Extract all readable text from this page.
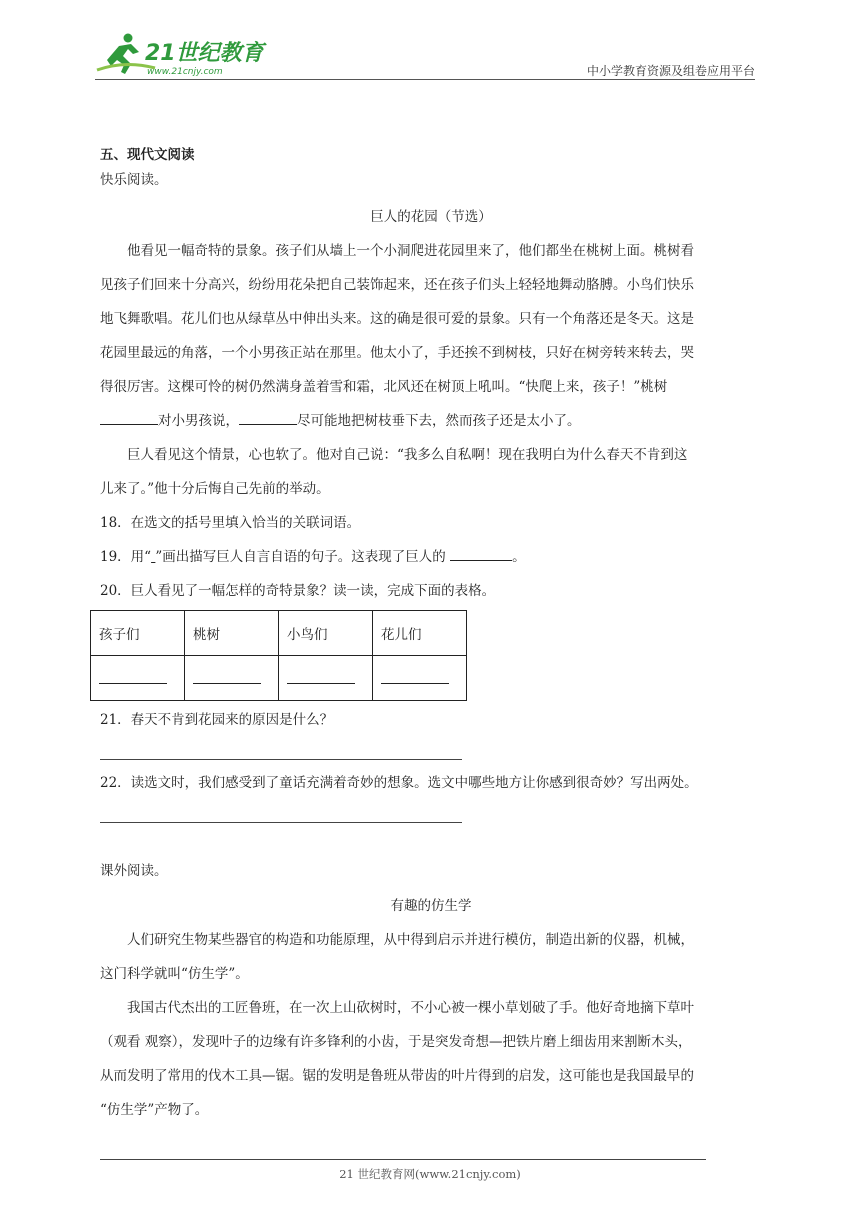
21世纪教育
www.21cnjy.com	中小学教育资源及组卷应用平台

五、现代文阅读

快乐阅读。

巨人的花园（节选）

他看见一幅奇特的景象。孩子们从墙上一个小洞爬进花园里来了，他们都坐在桃树上面。桃树看

见孩子们回来十分高兴，纷纷用花朵把自己装饰起来，还在孩子们头上轻轻地舞动胳膊。小鸟们快乐

地飞舞歌唱。花儿们也从绿草丛中伸出头来。这的确是很可爱的景象。只有一个角落还是冬天。这是

花园里最远的角落，一个小男孩正站在那里。他太小了，手还挨不到树枝，只好在树旁转来转去，哭

得很厉害。这棵可怜的树仍然满身盖着雪和霜，北风还在树顶上吼叫。“快爬上来，孩子！”桃树

对小男孩说，	尽可能地把树枝垂下去，然而孩子还是太小了。

巨人看见这个情景，心也软了。他对自己说：“我多么自私啊！现在我明白为什么春天不肯到这

儿来了。”他十分后悔自己先前的举动。

18．在选文的括号里填入恰当的关联词语。

19．用“ ”画出描写巨人自言自语的句子。这表现了巨人的	。

20．巨人看见了一幅怎样的奇特景象？读一读，完成下面的表格。

孩子们	桃树	小鸟们	花儿们

21．春天不肯到花园来的原因是什么？

22．读选文时，我们感受到了童话充满着奇妙的想象。选文中哪些地方让你感到很奇妙？写出两处。

课外阅读。

有趣的仿生学

人们研究生物某些器官的构造和功能原理，从中得到启示并进行模仿，制造出新的仪器，机械，

这门科学就叫“仿生学”。

我国古代杰出的工匠鲁班，在一次上山砍树时，不小心被一棵小草划破了手。他好奇地摘下草叶

（观看 观察），发现叶子的边缘有许多锋利的小齿，于是突发奇想—把铁片磨上细齿用来割断木头，

从而发明了常用的伐木工具—锯。锯的发明是鲁班从带齿的叶片得到的启发，这可能也是我国最早的

“仿生学”产物了。

21 世纪教育网(www.21cnjy.com)
